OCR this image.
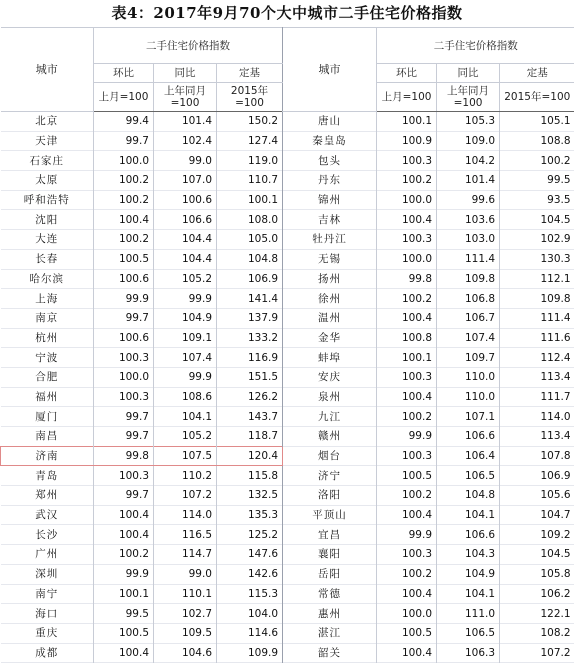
表4：2017年9月70个大中城市二手住宅价格指数
城市	二手住宅价格指数			城市	二手住宅价格指数		
	环比	同比	定基		环比	同比	定基
	上月=100	上年同月=100	2015年=100		上月=100	上年同月=100	2015年=100
北京	99.4	101.4	150.2	唐山	100.1	105.3	105.1
天津	99.7	102.4	127.4	秦皇岛	100.9	109.0	108.8
石家庄	100.0	99.0	119.0	包头	100.3	104.2	100.2
太原	100.2	107.0	110.7	丹东	100.2	101.4	99.5
呼和浩特	100.2	100.6	100.1	锦州	100.0	99.6	93.5
沈阳	100.4	106.6	108.0	吉林	100.4	103.6	104.5
大连	100.2	104.4	105.0	牡丹江	100.3	103.0	102.9
长春	100.5	104.4	104.8	无锡	100.0	111.4	130.3
哈尔滨	100.6	105.2	106.9	扬州	99.8	109.8	112.1
上海	99.9	99.9	141.4	徐州	100.2	106.8	109.8
南京	99.7	104.9	137.9	温州	100.4	106.7	111.4
杭州	100.6	109.1	133.2	金华	100.8	107.4	111.6
宁波	100.3	107.4	116.9	蚌埠	100.1	109.7	112.4
合肥	100.0	99.9	151.5	安庆	100.3	110.0	113.4
福州	100.3	108.6	126.2	泉州	100.4	110.0	111.7
厦门	99.7	104.1	143.7	九江	100.2	107.1	114.0
南昌	99.7	105.2	118.7	赣州	99.9	106.6	113.4
济南	99.8	107.5	120.4	烟台	100.3	106.4	107.8
青岛	100.3	110.2	115.8	济宁	100.5	106.5	106.9
郑州	99.7	107.2	132.5	洛阳	100.2	104.8	105.6
武汉	100.4	114.0	135.3	平顶山	100.4	104.1	104.7
长沙	100.4	116.5	125.2	宜昌	99.9	106.6	109.2
广州	100.2	114.7	147.6	襄阳	100.3	104.3	104.5
深圳	99.9	99.0	142.6	岳阳	100.2	104.9	105.8
南宁	100.1	110.1	115.3	常德	100.4	104.1	106.2
海口	99.5	102.7	104.0	惠州	100.0	111.0	122.1
重庆	100.5	109.5	114.6	湛江	100.5	106.5	108.2
成都	100.4	104.6	109.9	韶关	100.4	106.3	107.2
